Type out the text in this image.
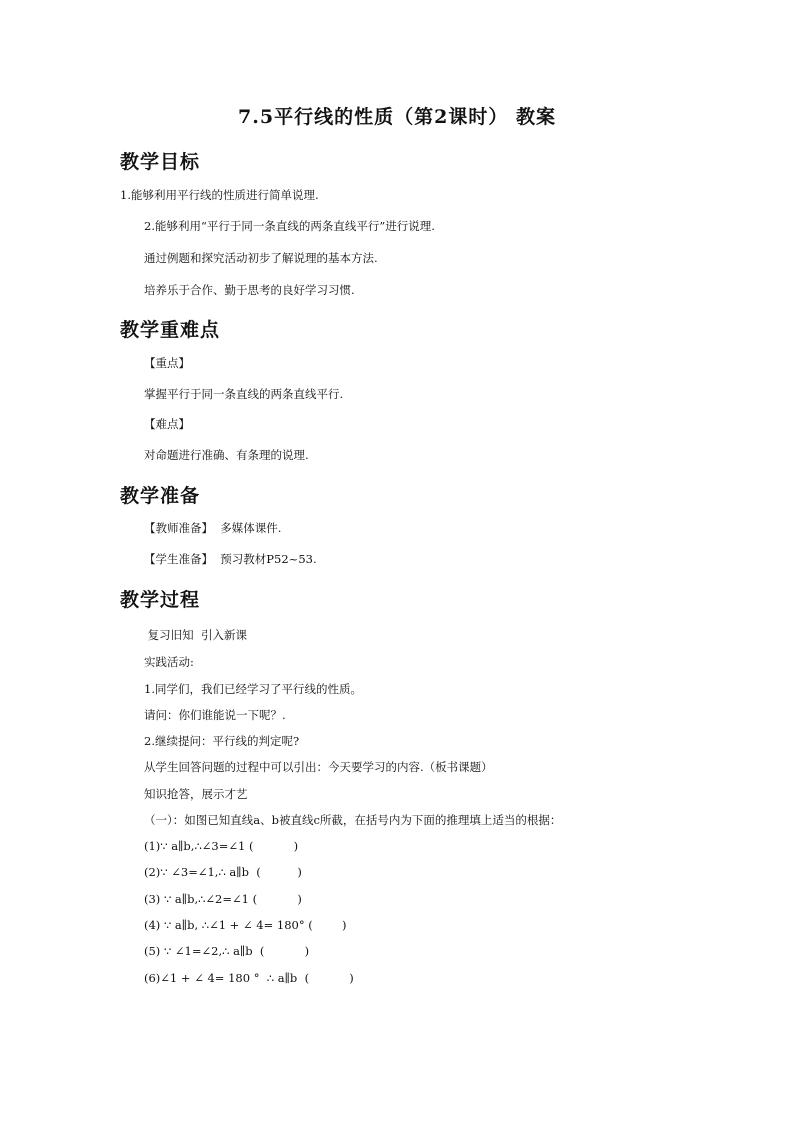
7.5平行线的性质（第2课时） 教案
教学目标
1.能够利用平行线的性质进行简单说理.
2.能够利用“平行于同一条直线的两条直线平行”进行说理.
通过例题和探究活动初步了解说理的基本方法.
培养乐于合作、勤于思考的良好学习习惯.
教学重难点
【重点】
掌握平行于同一条直线的两条直线平行.
【难点】
对命题进行准确、有条理的说理.
教学准备
【教师准备】  多媒体课件.
【学生准备】  预习教材P52~53.
教学过程
复习旧知  引入新课
实践活动:
1.同学们，我们已经学习了平行线的性质。
请问：你们谁能说一下呢？.
2.继续提问：平行线的判定呢?
从学生回答问题的过程中可以引出：今天要学习的内容.（板书课题）
知识抢答，展示才艺
（一）：如图已知直线a、b被直线c所截，在括号内为下面的推理填上适当的根据：
(1)∵ a∥b,∴∠3=∠1 (           )
(2)∵ ∠3=∠1,∴ a∥b  (          )
(3) ∵ a∥b,∴∠2=∠1 (           )
(4) ∵ a∥b, ∴∠1 + ∠ 4= 180° (        )
(5) ∵ ∠1=∠2,∴ a∥b  (           )
(6)∠1 + ∠ 4= 180 °  ∴ a∥b  (           )
